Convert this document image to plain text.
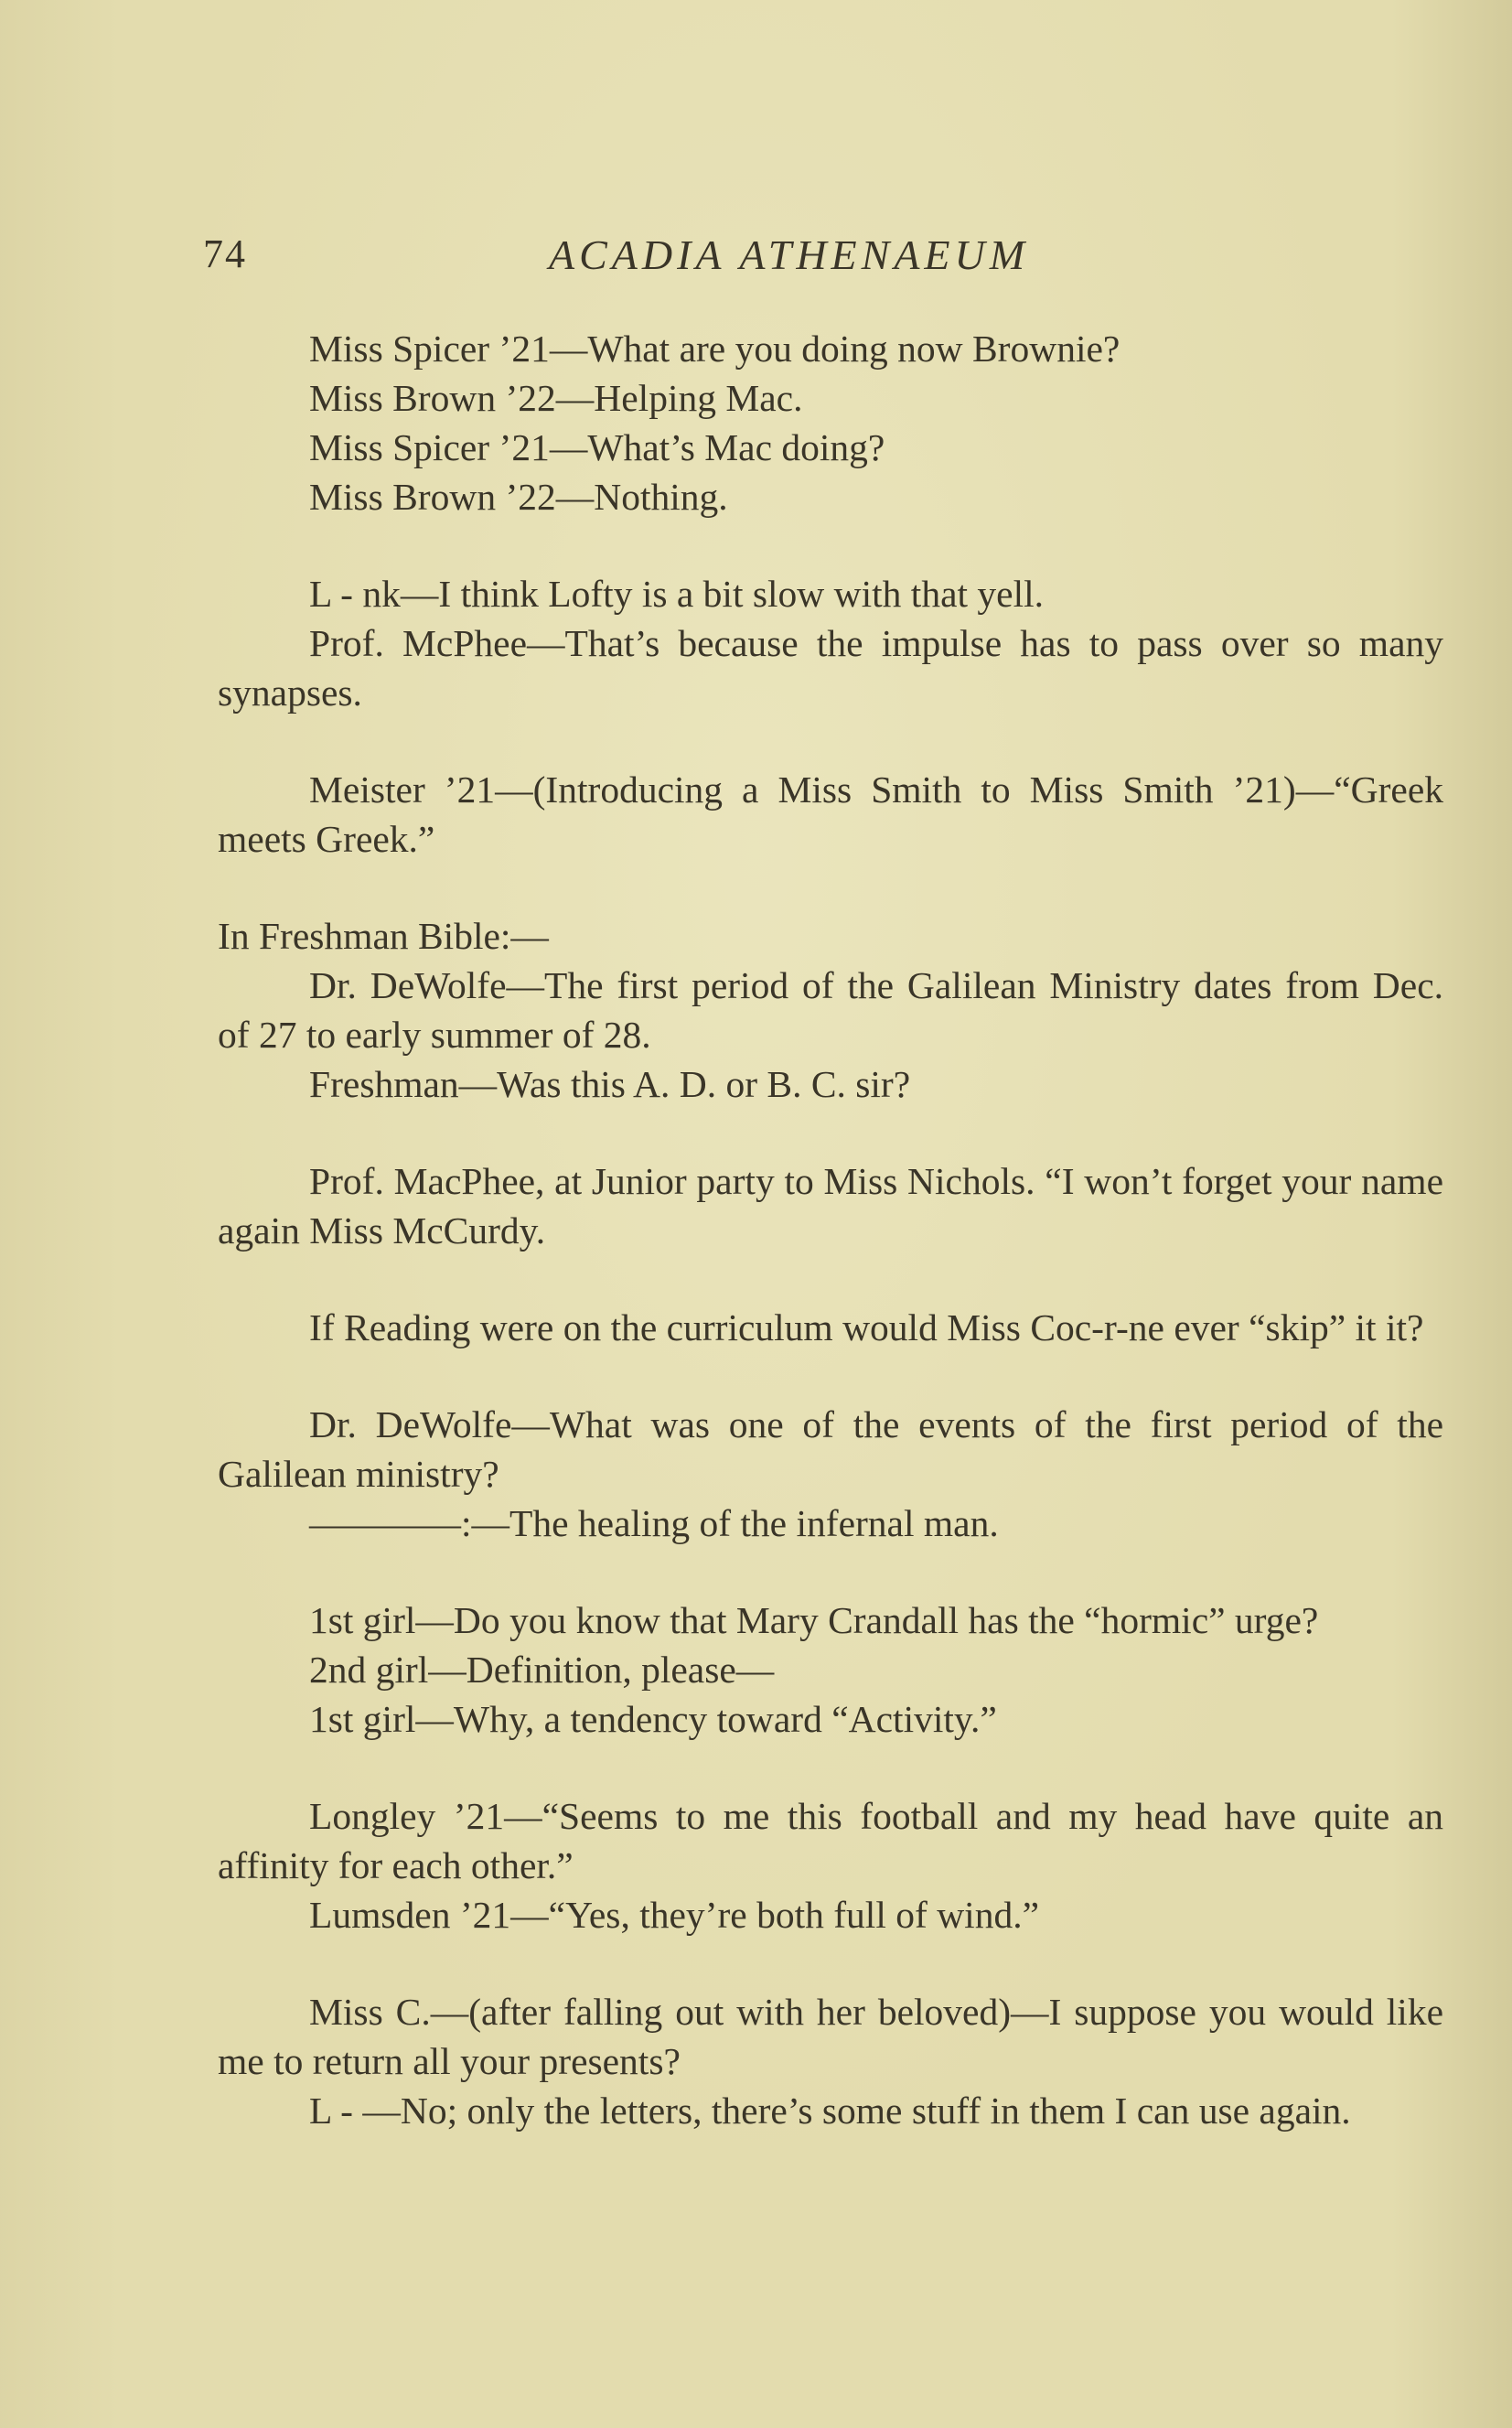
74	ACADIA ATHENAEUM

Miss Spicer ’21—What are you doing now Brownie?

Miss Brown ’22—Helping Mac.

Miss Spicer ’21—What’s Mac doing?

Miss Brown ’22—Nothing.

L - nk—I think Lofty is a bit slow with that yell.

Prof. McPhee—That’s because the impulse has to pass over so many synapses.

Meister ’21—(Introducing a Miss Smith to Miss Smith ’21)—“Greek meets Greek.”

In Freshman Bible:—

Dr. DeWolfe—The first period of the Galilean Ministry dates from Dec. of 27 to early summer of 28.

Freshman—Was this A. D. or B. C. sir?

Prof. MacPhee, at Junior party to Miss Nichols. “I won’t forget your name again Miss McCurdy.

If Reading were on the curriculum would Miss Coc-r-ne ever “skip” it it?

Dr. DeWolfe—What was one of the events of the first period of the Galilean ministry?

————:—The healing of the infernal man.

1st girl—Do you know that Mary Crandall has the “hormic” urge?

2nd girl—Definition, please—

1st girl—Why, a tendency toward “Activity.”

Longley ’21—“Seems to me this football and my head have quite an affinity for each other.”

Lumsden ’21—“Yes, they’re both full of wind.”

Miss C.—(after falling out with her beloved)—I suppose you would like me to return all your presents?

L - —No; only the letters, there’s some stuff in them I can use again.
